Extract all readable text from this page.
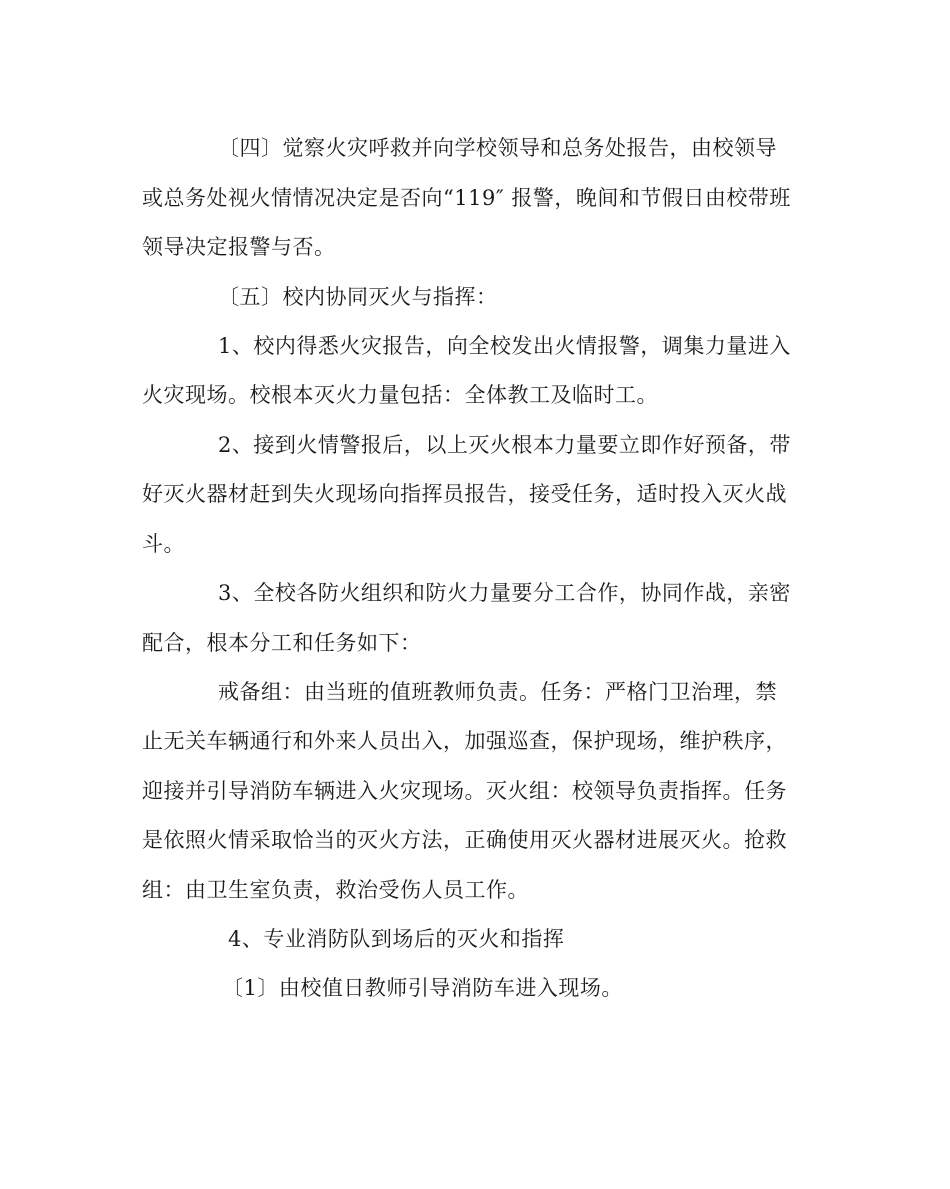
〔四〕觉察火灾呼救并向学校领导和总务处报告，由校领导
或总务处视火情情况决定是否向“119″ 报警，晚间和节假日由校带班
领导决定报警与否。
〔五〕校内协同灭火与指挥：
1、校内得悉火灾报告，向全校发出火情报警，调集力量进入
火灾现场。校根本灭火力量包括：全体教工及临时工。
2、接到火情警报后，以上灭火根本力量要立即作好预备，带
好灭火器材赶到失火现场向指挥员报告，接受任务，适时投入灭火战
斗。
3、全校各防火组织和防火力量要分工合作，协同作战，亲密
配合，根本分工和任务如下：
戒备组：由当班的值班教师负责。任务：严格门卫治理，禁
止无关车辆通行和外来人员出入，加强巡查，保护现场，维护秩序，
迎接并引导消防车辆进入火灾现场。灭火组：校领导负责指挥。任务
是依照火情采取恰当的灭火方法，正确使用灭火器材进展灭火。抢救
组：由卫生室负责，救治受伤人员工作。
4、专业消防队到场后的灭火和指挥
〔1〕由校值日教师引导消防车进入现场。
